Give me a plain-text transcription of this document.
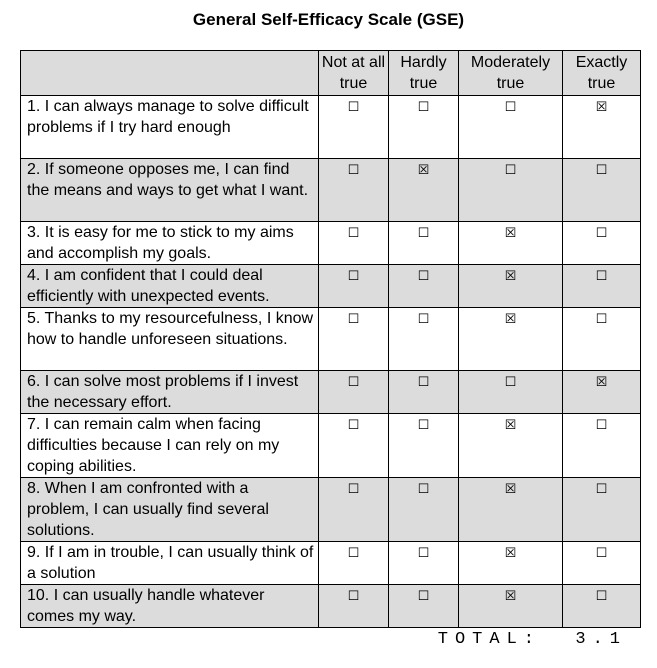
General Self-Efficacy Scale (GSE)
	Not at all true	Hardly true	Moderately true	Exactly true
1. I can always manage to solve difficult problems if I try hard enough	☐	☐	☐	☒
2. If someone opposes me, I can find the means and ways to get what I want.	☐	☒	☐	☐
3. It is easy for me to stick to my aims and accomplish my goals.	☐	☐	☒	☐
4. I am confident that I could deal efficiently with unexpected events.	☐	☐	☒	☐
5. Thanks to my resourcefulness, I know how to handle unforeseen situations.	☐	☐	☒	☐
6. I can solve most problems if I invest the necessary effort.	☐	☐	☐	☒
7. I can remain calm when facing difficulties because I can rely on my coping abilities.	☐	☐	☒	☐
8. When I am confronted with a problem, I can usually find several solutions.	☐	☐	☒	☐
9. If I am in trouble, I can usually think of a solution	☐	☐	☒	☐
10. I can usually handle whatever comes my way.	☐	☐	☒	☐
TOTAL: 3.1
